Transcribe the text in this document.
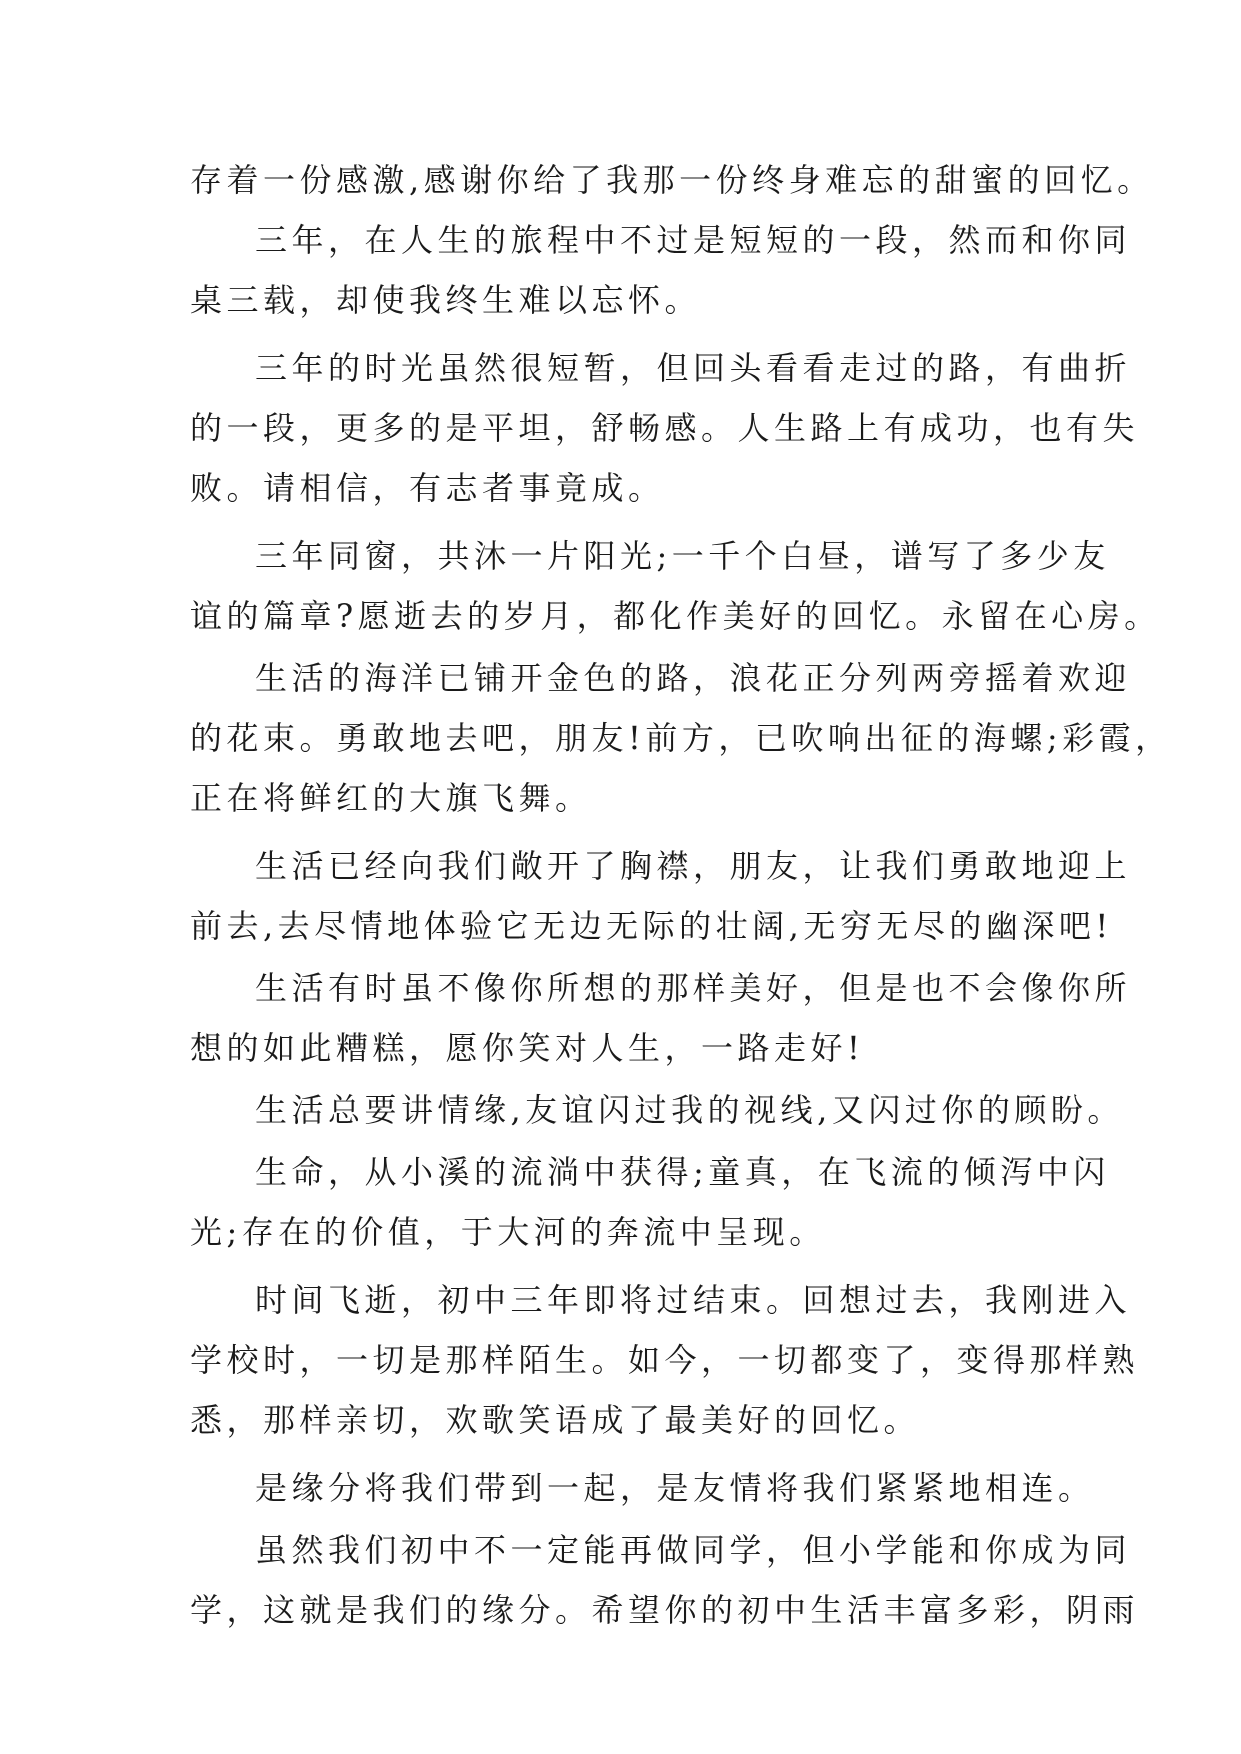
存着一份感激,感谢你给了我那一份终身难忘的甜蜜的回忆。
三年，在人生的旅程中不过是短短的一段，然而和你同
桌三载，却使我终生难以忘怀。
三年的时光虽然很短暂，但回头看看走过的路，有曲折
的一段，更多的是平坦，舒畅感。人生路上有成功，也有失
败。请相信，有志者事竟成。
三年同窗，共沐一片阳光;一千个白昼，谱写了多少友
谊的篇章?愿逝去的岁月，都化作美好的回忆。永留在心房。
生活的海洋已铺开金色的路，浪花正分列两旁摇着欢迎
的花束。勇敢地去吧，朋友!前方，已吹响出征的海螺;彩霞，
正在将鲜红的大旗飞舞。
生活已经向我们敞开了胸襟，朋友，让我们勇敢地迎上
前去,去尽情地体验它无边无际的壮阔,无穷无尽的幽深吧!
生活有时虽不像你所想的那样美好，但是也不会像你所
想的如此糟糕，愿你笑对人生，一路走好!
生活总要讲情缘,友谊闪过我的视线,又闪过你的顾盼。
生命，从小溪的流淌中获得;童真，在飞流的倾泻中闪
光;存在的价值，于大河的奔流中呈现。
时间飞逝，初中三年即将过结束。回想过去，我刚进入
学校时，一切是那样陌生。如今，一切都变了，变得那样熟
悉，那样亲切，欢歌笑语成了最美好的回忆。
是缘分将我们带到一起，是友情将我们紧紧地相连。
虽然我们初中不一定能再做同学，但小学能和你成为同
学，这就是我们的缘分。希望你的初中生活丰富多彩，阴雨
